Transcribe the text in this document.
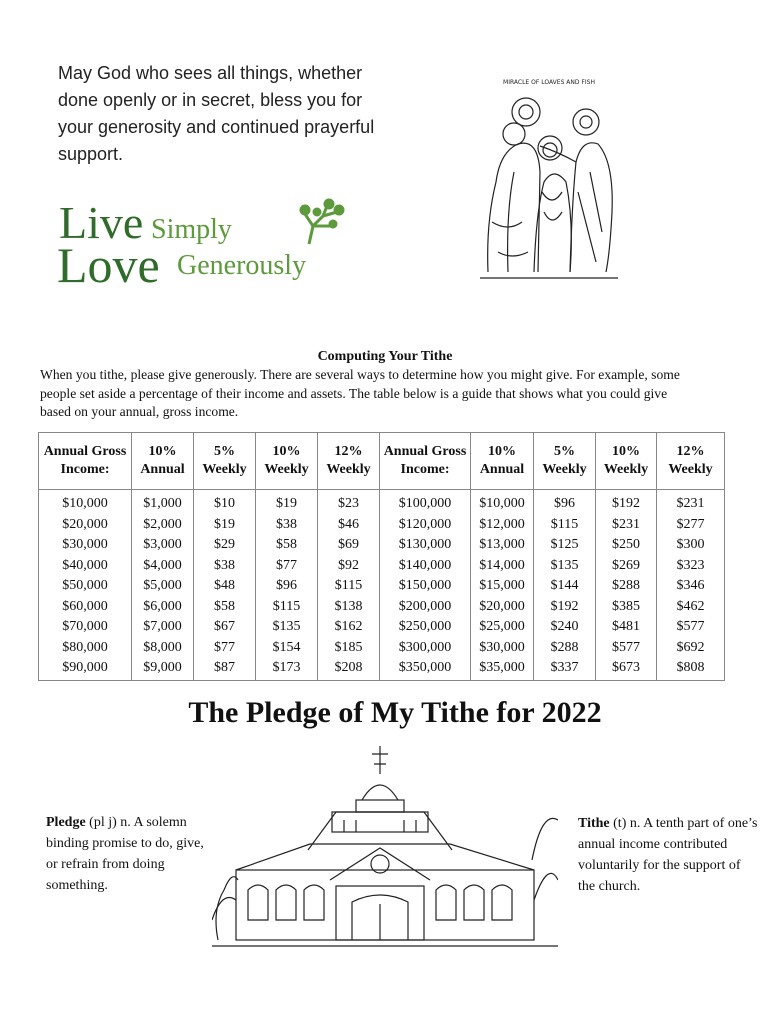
May God who sees all things, whether done openly or in secret, bless you for your generosity and continued prayerful support.
Live Simply
Love Generously
MIRACLE OF LOAVES AND FISH
Computing Your Tithe
When you tithe, please give generously. There are several ways to determine how you might give. For example, some people set aside a percentage of their income and assets. The table below is a guide that shows what you could give based on your annual, gross income.
Annual Gross Income:	10% Annual	5% Weekly	10% Weekly	12% Weekly	Annual Gross Income:	10% Annual	5% Weekly	10% Weekly	12% Weekly
$10,000	$1,000	$10	$19	$23	$100,000	$10,000	$96	$192	$231
$20,000	$2,000	$19	$38	$46	$120,000	$12,000	$115	$231	$277
$30,000	$3,000	$29	$58	$69	$130,000	$13,000	$125	$250	$300
$40,000	$4,000	$38	$77	$92	$140,000	$14,000	$135	$269	$323
$50,000	$5,000	$48	$96	$115	$150,000	$15,000	$144	$288	$346
$60,000	$6,000	$58	$115	$138	$200,000	$20,000	$192	$385	$462
$70,000	$7,000	$67	$135	$162	$250,000	$25,000	$240	$481	$577
$80,000	$8,000	$77	$154	$185	$300,000	$30,000	$288	$577	$692
$90,000	$9,000	$87	$173	$208	$350,000	$35,000	$337	$673	$808
The Pledge of My Tithe for 2022
Pledge (pl j) n. A solemn binding promise to do, give, or refrain from doing something.
Tithe (t) n. A tenth part of one’s annual income contributed voluntarily for the support of the church.
